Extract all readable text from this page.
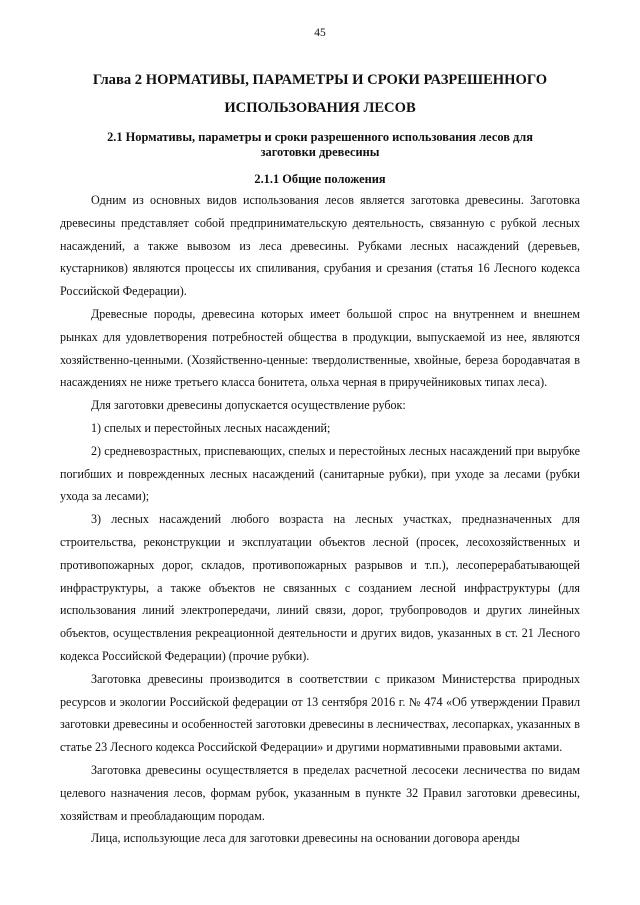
45
Глава 2 НОРМАТИВЫ, ПАРАМЕТРЫ И СРОКИ РАЗРЕШЕННОГО ИСПОЛЬЗОВАНИЯ ЛЕСОВ
2.1 Нормативы, параметры и сроки разрешенного использования лесов для заготовки древесины
2.1.1 Общие положения

Одним из основных видов использования лесов является заготовка древесины. Заготовка древесины представляет собой предпринимательскую деятельность, связанную с рубкой лесных насаждений, а также вывозом из леса древесины. Рубками лесных насаждений (деревьев, кустарников) являются процессы их спиливания, срубания и срезания (статья 16 Лесного кодекса Российской Федерации).

Древесные породы, древесина которых имеет большой спрос на внутреннем и внешнем рынках для удовлетворения потребностей общества в продукции, выпускаемой из нее, являются хозяйственно-ценными. (Хозяйственно-ценные: твердолиственные, хвойные, береза бородавчатая в насаждениях не ниже третьего класса бонитета, ольха черная в приручейниковых типах леса).

Для заготовки древесины допускается осуществление рубок:

1) спелых и перестойных лесных насаждений;

2) средневозрастных, приспевающих, спелых и перестойных лесных насаждений при вырубке погибших и поврежденных лесных насаждений (санитарные рубки), при уходе за лесами (рубки ухода за лесами);

3) лесных насаждений любого возраста на лесных участках, предназначенных для строительства, реконструкции и эксплуатации объектов лесной (просек, лесохозяйственных и противопожарных дорог, складов, противопожарных разрывов и т.п.), лесоперерабатывающей инфраструктуры, а также объектов не связанных с созданием лесной инфраструктуры (для использования линий электропередачи, линий связи, дорог, трубопроводов и других линейных объектов, осуществления рекреационной деятельности и других видов, указанных в ст. 21 Лесного кодекса Российской Федерации) (прочие рубки).

Заготовка древесины производится в соответствии с приказом Министерства природных ресурсов и экологии Российской федерации от 13 сентября 2016 г. № 474 «Об утверждении Правил заготовки древесины и особенностей заготовки древесины в лесничествах, лесопарках, указанных в статье 23 Лесного кодекса Российской Федерации» и другими нормативными правовыми актами.

Заготовка древесины осуществляется в пределах расчетной лесосеки лесничества по видам целевого назначения лесов, формам рубок, указанным в пункте 32 Правил заготовки древесины, хозяйствам и преобладающим породам.

Лица, использующие леса для заготовки древесины на основании договора аренды
